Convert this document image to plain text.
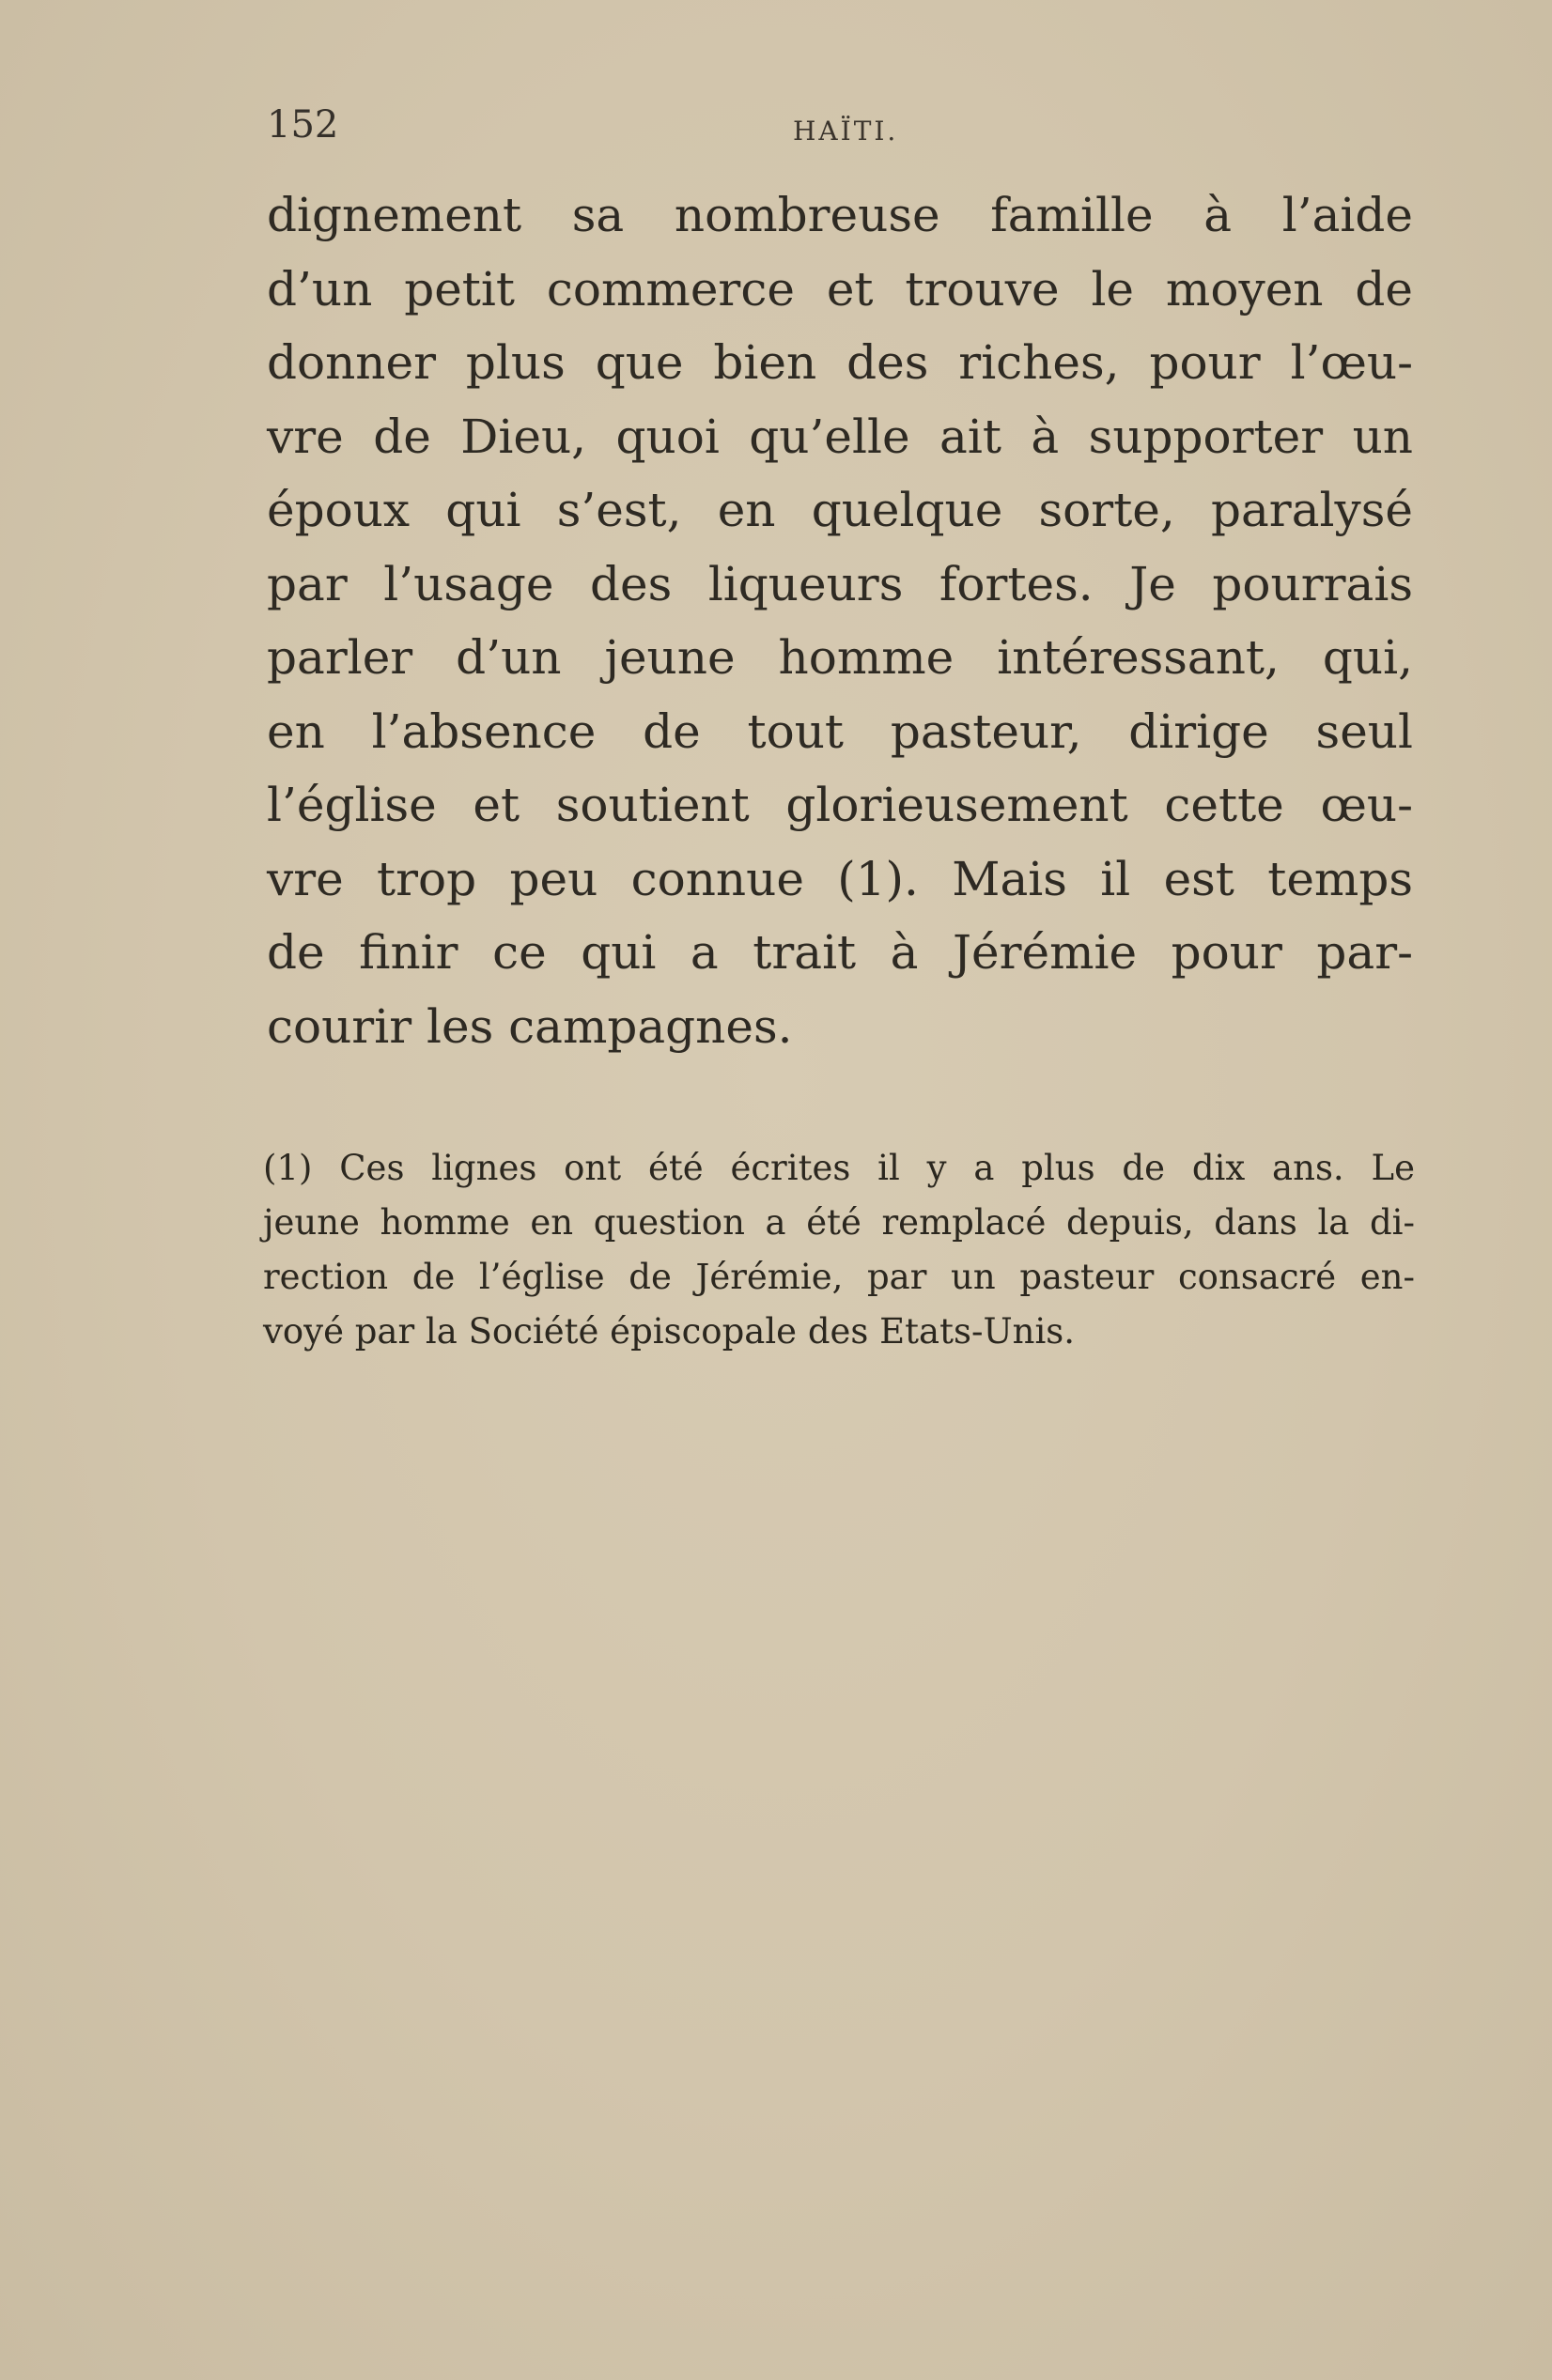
152	HAÏTI.
dignement sa nombreuse famille à l’aide
d’un petit commerce et trouve le moyen de
donner plus que bien des riches, pour l’œu-
vre de Dieu, quoi qu’elle ait à supporter un
époux qui s’est, en quelque sorte, paralysé
par l’usage des liqueurs fortes. Je pourrais
parler d’un jeune homme intéressant, qui,
en l’absence de tout pasteur, dirige seul
l’église et soutient glorieusement cette œu-
vre trop peu connue (1). Mais il est temps
de finir ce qui a trait à Jérémie pour par-
courir les campagnes.
(1) Ces lignes ont été écrites il y a plus de dix ans. Le
jeune homme en question a été remplacé depuis, dans la di-
rection de l’église de Jérémie, par un pasteur consacré en-
voyé par la Société épiscopale des Etats-Unis.
